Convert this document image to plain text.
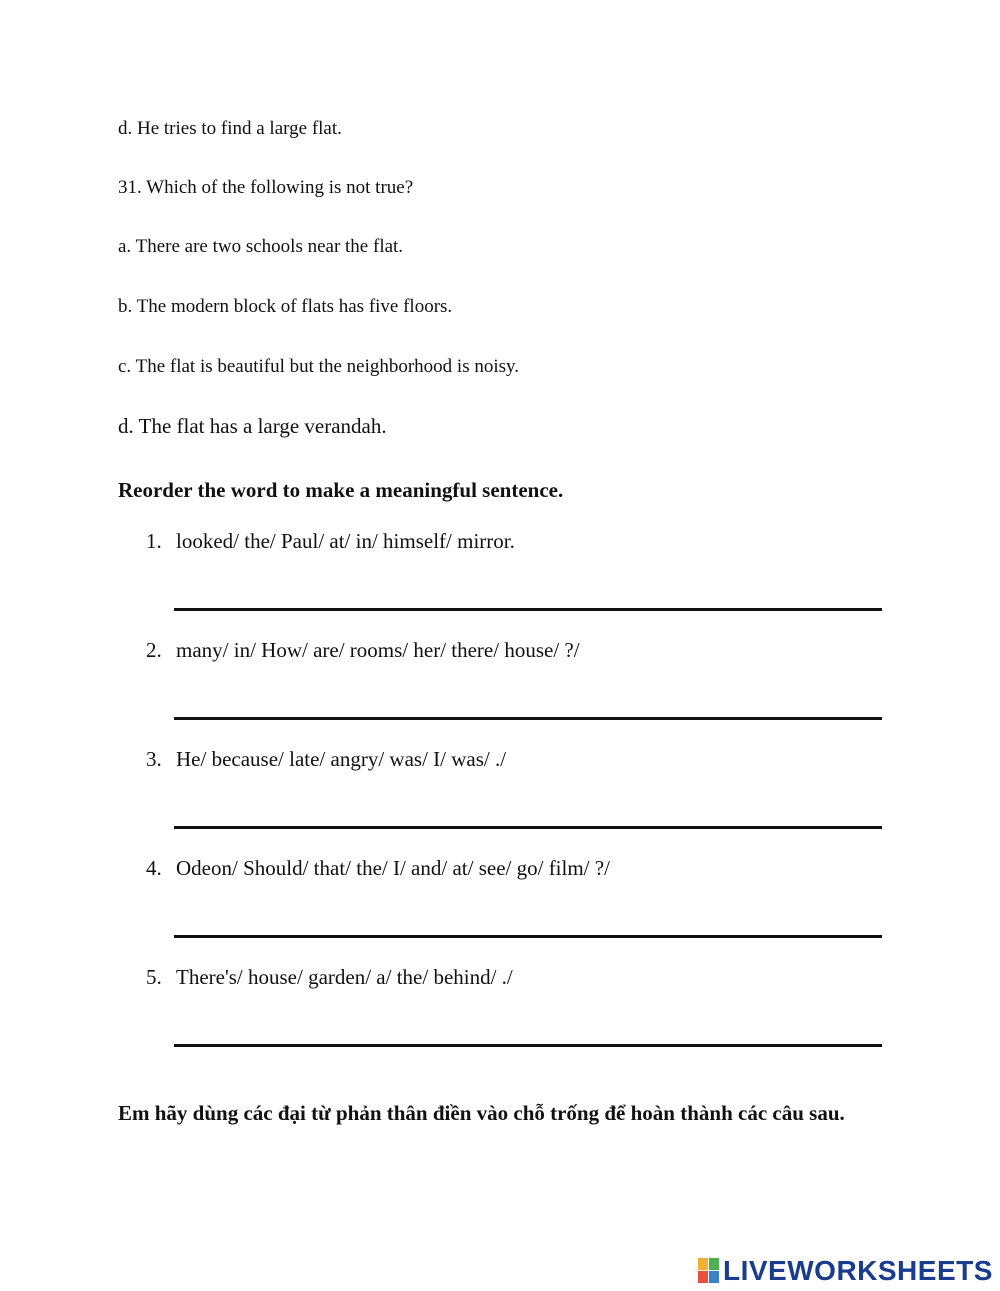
d. He tries to find a large flat.
31. Which of the following is not true?
a. There are two schools near the flat.
b. The modern block of flats has five floors.
c. The flat is beautiful but the neighborhood is noisy.
d. The flat has a large verandah.
Reorder the word to make a meaningful sentence.
1. looked/ the/ Paul/ at/ in/ himself/ mirror.
2. many/ in/ How/ are/ rooms/ her/ there/ house/ ?/
3. He/ because/ late/ angry/ was/ I/ was/ ./
4. Odeon/ Should/ that/ the/ I/ and/ at/ see/ go/ film/ ?/
5. There's/ house/ garden/ a/ the/ behind/ ./
Em hãy dùng các đại từ phản thân điền vào chỗ trống để hoàn thành các câu sau.
LIVEWORKSHEETS
